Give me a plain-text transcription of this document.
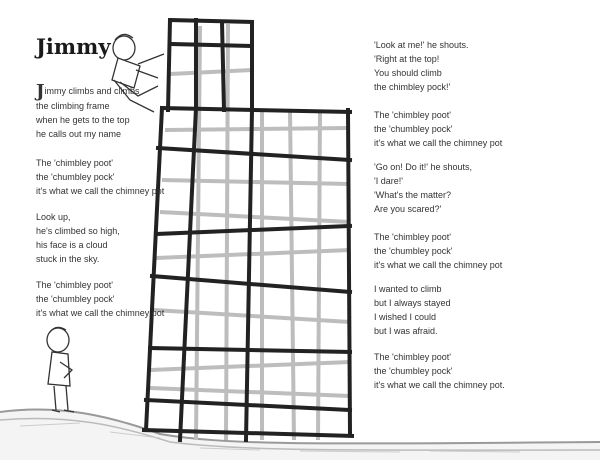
Jimmy
Jimmy climbs and climbs
the climbing frame
when he gets to the top
he calls out my name
The 'chimbley poot'
the 'chumbley pock'
it's what we call the chimney pot
Look up,
he's climbed so high,
his face is a cloud
stuck in the sky.
The 'chimbley poot'
the 'chumbley pock'
it's what we call the chimney pot
'Look at me!' he shouts.
'Right at the top!
You should climb
the chimbley pock!'
The 'chimbley poot'
the 'chumbley pock'
it's what we call the chimney pot
'Go on! Do it!' he shouts,
'I dare!'
'What's the matter?
Are you scared?'
The 'chimbley poot'
the 'chumbley pock'
it's what we call the chimney pot
I wanted to climb
but I always stayed
I wished I could
but I was afraid.
The 'chimbley poot'
the 'chumbley pock'
it's what we call the chimney pot.
